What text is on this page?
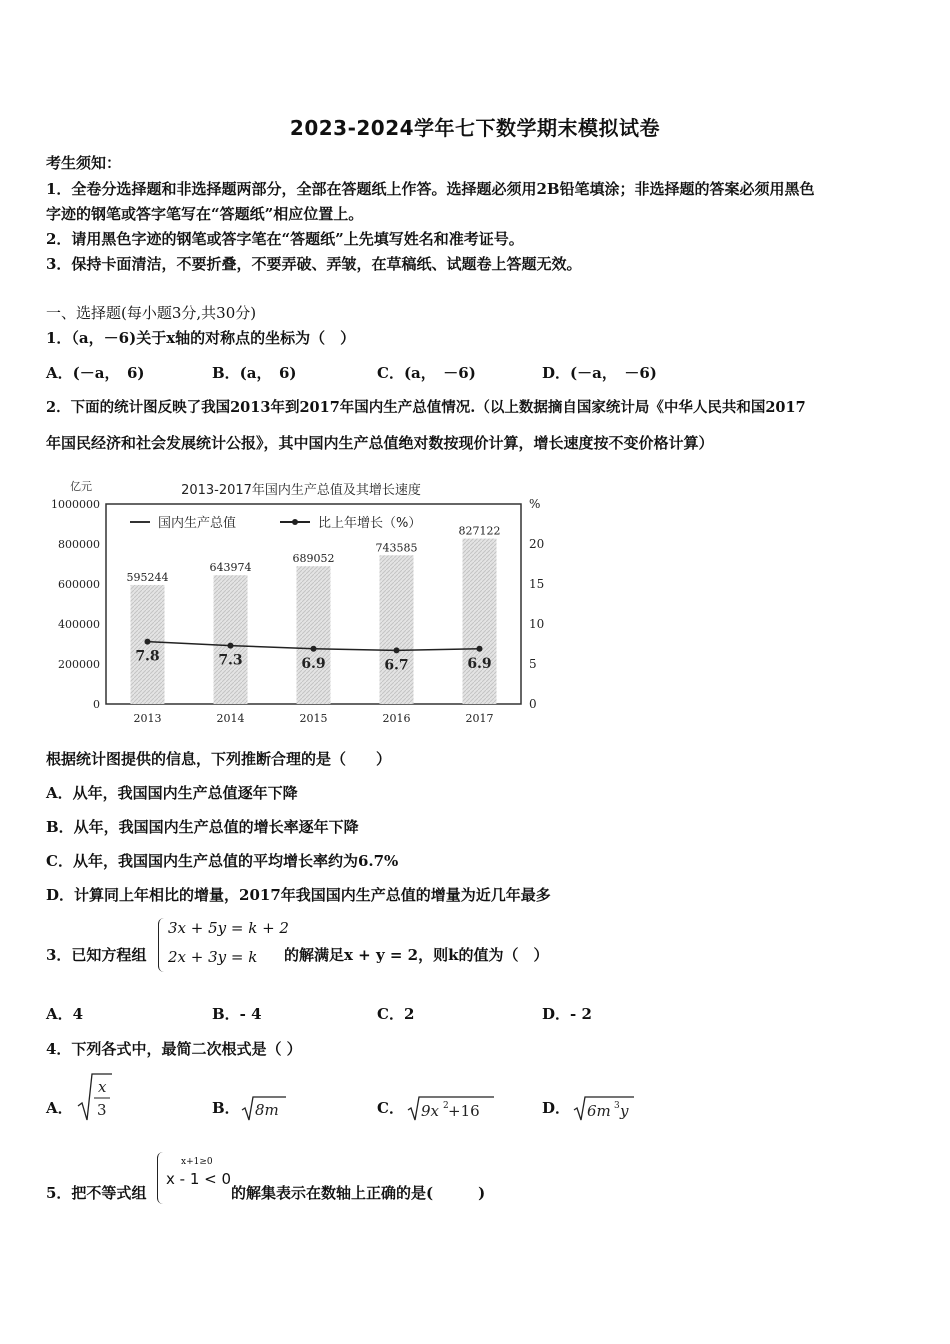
2023-2024学年七下数学期末模拟试卷
考生须知：
1．全卷分选择题和非选择题两部分，全部在答题纸上作答。选择题必须用2B铅笔填涂；非选择题的答案必须用黑色
字迹的钢笔或答字笔写在“答题纸”相应位置上。
2．请用黑色字迹的钢笔或答字笔在“答题纸”上先填写姓名和准考证号。
3．保持卡面清洁，不要折叠，不要弄破、弄皱，在草稿纸、试题卷上答题无效。
一、选择题(每小题3分,共30分)
1．（a，－6)关于x轴的对称点的坐标为（　）
A．(－a，　6)	B．(a，　6)	C．(a，　－6)	D．(－a，　－6)
2．下面的统计图反映了我国2013年到2017年国内生产总值情况.（以上数据摘自国家统计局《中华人民共和国2017
年国民经济和社会发展统计公报》，其中国内生产总值绝对数按现价计算，增长速度按不变价格计算）
2013-2017年国内生产总值及其增长速度
亿元
1000000
800000
600000
400000
200000
0
%
20
15
10
5
0
595244
643974
689052
743585
827122
7.8	7.3	6.9	6.7	6.9
2013	2014	2015	2016	2017
国内生产总值	比上年增长（%）
根据统计图提供的信息，下列推断合理的是（　　）
A．从年，我国国内生产总值逐年下降
B．从年，我国国内生产总值的增长率逐年下降
C．从年，我国国内生产总值的平均增长率约为6.7%
D．计算同上年相比的增量，2017年我国国内生产总值的增量为近几年最多
3．已知方程组
3x + 5y = k + 2
2x + 3y = k 的解满足x + y = 2，则k的值为（　）
A．4	B．- 4	C．2	D．- 2
4．下列各式中，最简二次根式是（ ）
A．
x
3	B． 8m	C． 9x 2 +16	D． 6m 3 y
5．把不等式组
x+1≥0
x - 1 < 0
的解集表示在数轴上正确的是(　　　)
